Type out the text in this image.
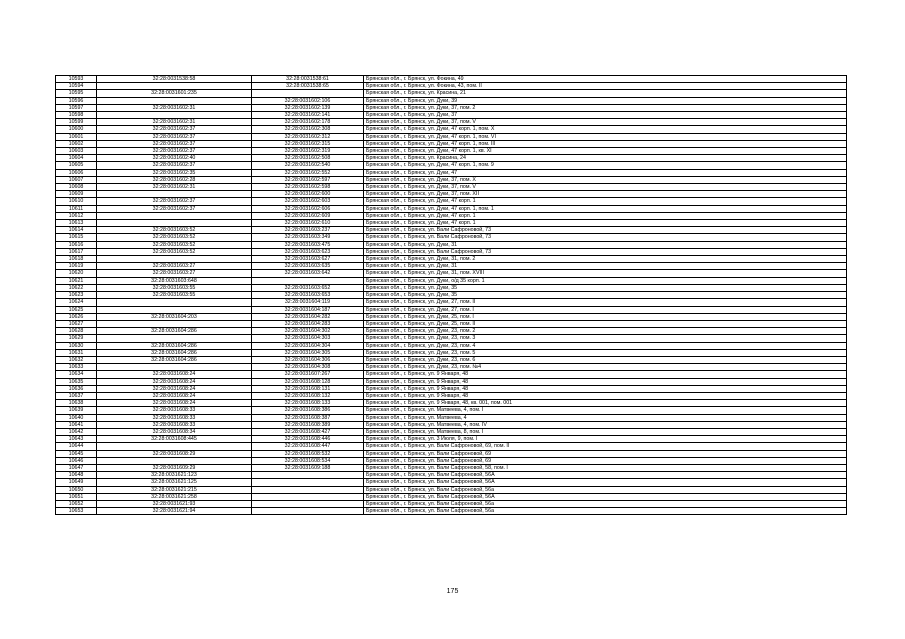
10593	32:28:0031538:58	32:28:0031538:61	Брянская обл., г. Брянск, ул. Фокина, 49
10594		32:28:0031538:65	Брянская обл., г. Брянск, ул. Фокина, 43, пом. II
10595	32:28:0031601:235		Брянская обл., г. Брянск, ул. Красина, 21
10596		32:28:0031602:106	Брянская обл., г. Брянск, ул. Дуки, 39
10597	32:28:0031602:31	32:28:0031602:139	Брянская обл., г. Брянск, ул. Дуки, 37, пом. 2
10598		32:28:0031602:141	Брянская обл., г. Брянск, ул. Дуки, 37
10599	32:28:0031602:31	32:28:0031602:178	Брянская обл., г. Брянск, ул. Дуки, 37, пом. V
10600	32:28:0031602:37	32:28:0031602:308	Брянская обл., г. Брянск, ул. Дуки, 47 корп. 1, пом. X
10601	32:28:0031602:37	32:28:0031602:312	Брянская обл., г. Брянск, ул. Дуки, 47 корп. 1, пом. VI
10602	32:28:0031602:37	32:28:0031602:315	Брянская обл., г. Брянск, ул. Дуки, 47 корп. 1, пом. III
10603	32:28:0031602:37	32:28:0031602:319	Брянская обл., г. Брянск, ул. Дуки, 47 корп. 1, кв. XI
10604	32:28:0031602:40	32:28:0031602:508	Брянская обл., г. Брянск, ул. Красина, 24
10605	32:28:0031602:37	32:28:0031602:540	Брянская обл., г. Брянск, ул. Дуки, 47 корп. 1, пом. 9
10606	32:28:0031602:35	32:28:0031602:552	Брянская обл., г. Брянск, ул. Дуки, 47
10607	32:28:0031602:28	32:28:0031602:597	Брянская обл., г. Брянск, ул. Дуки, 37, пом. X
10608	32:28:0031602:31	32:28:0031602:598	Брянская обл., г. Брянск, ул. Дуки, 37, пом. V
10609		32:28:0031602:600	Брянская обл., г. Брянск, ул. Дуки, 37, пом. XII
10610	32:28:0031602:37	32:28:0031602:603	Брянская обл., г. Брянск, ул. Дуки, 47 корп. 1
10611	32:28:0031602:37	32:28:0031602:606	Брянская обл., г. Брянск, ул. Дуки, 47 корп. 1, пом. 1
10612		32:28:0031602:609	Брянская обл., г. Брянск, ул. Дуки, 47 корп. 1
10613		32:28:0031602:610	Брянская обл., г. Брянск, ул. Дуки, 47 корп. 1
10614	32:28:0031603:52	32:28:0031603:237	Брянская обл., г. Брянск, ул. Вали Сафроновой, 73
10615	32:28:0031603:52	32:28:0031603:349	Брянская обл., г. Брянск, ул. Вали Сафроновой, 73
10616	32:28:0031603:52	32:28:0031603:475	Брянская обл., г. Брянск, ул. Дуки, 31
10617	32:28:0031603:52	32:28:0031603:623	Брянская обл., г. Брянск, ул. Вали Сафроновой, 73
10618		32:28:0031603:627	Брянская обл., г. Брянск, ул. Дуки, 31, пом. 2
10619	32:28:0031603:27	32:28:0031603:635	Брянская обл., г. Брянск, ул. Дуки, 31
10620	32:28:0031603:27	32:28:0031603:642	Брянская обл., г. Брянск, ул. Дуки, 31, пом. XVIII
10621	32:28:0031603:648		Брянская обл., г. Брянск, ул. Дуки, о/д 35 корп. 1
10622	32:28:0031603:55	32:28:0031603:652	Брянская обл., г. Брянск, ул. Дуки, 35
10623	32:28:0031603:55	32:28:0031603:653	Брянская обл., г. Брянск, ул. Дуки, 35
10624		32:28:0031604:119	Брянская обл., г. Брянск, ул. Дуки, 27, пом. II
10625		32:28:0031604:187	Брянская обл., г. Брянск, ул. Дуки, 27, пом. I
10626	32:28:0031604:203	32:28:0031604:282	Брянская обл., г. Брянск, ул. Дуки, 25, пом. I
10627		32:28:0031604:283	Брянская обл., г. Брянск, ул. Дуки, 25, пом. II
10628	32:28:0031604:286	32:28:0031604:302	Брянская обл., г. Брянск, ул. Дуки, 23, пом. 2
10629		32:28:0031604:303	Брянская обл., г. Брянск, ул. Дуки, 23, пом. 3
10630	32:28:0031604:286	32:28:0031604:304	Брянская обл., г. Брянск, ул. Дуки, 23, пом. 4
10631	32:28:0031604:286	32:28:0031604:305	Брянская обл., г. Брянск, ул. Дуки, 23, пом. 5
10632	32:28:0031604:286	32:28:0031604:306	Брянская обл., г. Брянск, ул. Дуки, 23, пом. 6
10633		32:28:0031604:308	Брянская обл., г. Брянск, ул. Дуки, 23, пом. №4
10634	32:28:0031608:24	32:28:0031607:267	Брянская обл., г. Брянск, ул. 9 Января, 48
10635	32:28:0031608:24	32:28:0031608:128	Брянская обл., г. Брянск, ул. 9 Января, 48
10636	32:28:0031608:24	32:28:0031608:131	Брянская обл., г. Брянск, ул. 9 Января, 48
10637	32:28:0031608:24	32:28:0031608:132	Брянская обл., г. Брянск, ул. 9 Января, 48
10638	32:28:0031608:24	32:28:0031608:133	Брянская обл., г. Брянск, ул. 9 Января, 48, кв. 001, пом. 001
10639	32:28:0031608:33	32:28:0031608:386	Брянская обл., г. Брянск, ул. Матвеева, 4, пом. I
10640	32:28:0031608:33	32:28:0031608:387	Брянская обл., г. Брянск, ул. Матвеева, 4
10641	32:28:0031608:33	32:28:0031608:389	Брянская обл., г. Брянск, ул. Матвеева, 4, пом. IV
10642	32:28:0031608:34	32:28:0031608:427	Брянская обл., г. Брянск, ул. Матвеева, 8, пом. I
10643	32:28:0031608:445	32:28:0031608:446	Брянская обл., г. Брянск, ул. 3 Июля, 9, пом. I
10644		32:28:0031608:447	Брянская обл., г. Брянск, ул. Вали Сафроновой, 69, пом. II
10645	32:28:0031608:29	32:28:0031608:532	Брянская обл., г. Брянск, ул. Вали Сафроновой, 69
10646		32:28:0031608:534	Брянская обл., г. Брянск, ул. Вали Сафроновой, 69
10647	32:28:0031609:29	32:28:0031609:188	Брянская обл., г. Брянск, ул. Вали Сафроновой, 58, пом. I
10648	32:28:0031621:123		Брянская обл., г. Брянск, ул. Вали Сафроновой, 56А
10649	32:28:0031621:125		Брянская обл., г. Брянск, ул. Вали Сафроновой, 56А
10650	32:28:0031621:215		Брянская обл., г. Брянск, ул. Вали Сафроновой, 56а
10651	32:28:0031621:258		Брянская обл., г. Брянск, ул. Вали Сафроновой, 56А
10652	32:28:0031621:93		Брянская обл., г. Брянск, ул. Вали Сафроновой, 56а
10653	32:28:0031621:94		Брянская обл., г. Брянск, ул. Вали Сафроновой, 56а
175
